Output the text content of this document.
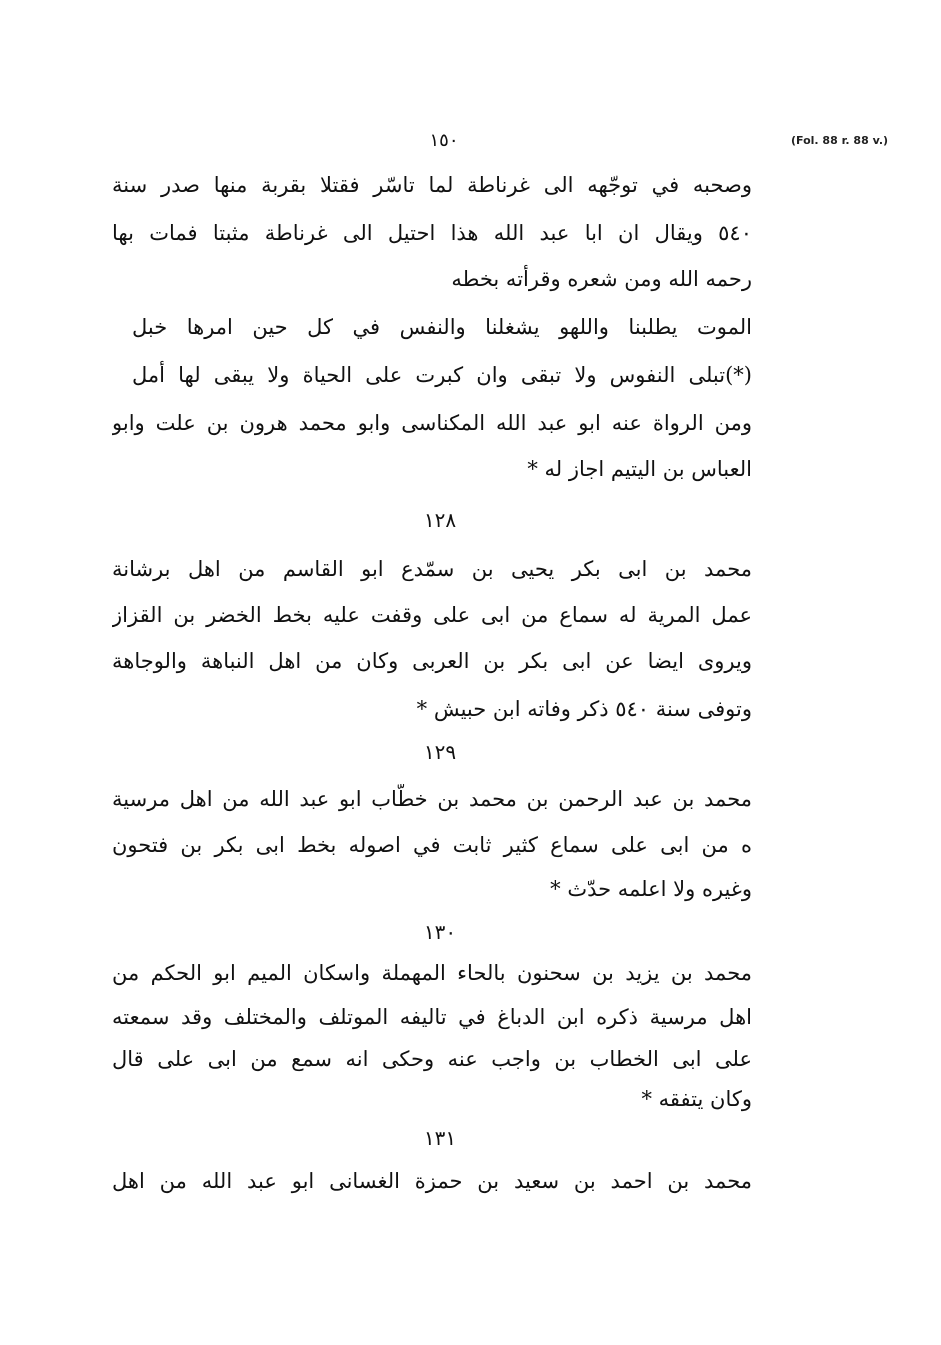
١٥٠	(Fol. 88 r. 88 v.)
وصحبه في توجّهه الى غرناطة لما تاسّر فقتلا بقربة منها صدر سنة
٥٤٠ ويقال ان ابا عبد الله هذا احتيل الى غرناطة مثبتا فمات بها
رحمه الله ومن شعره وقرأته بخطه
الموت يطلبنا واللهو يشغلنا والنفس في كل حين امرها خبل
(*)تبلى النفوس ولا تبقى وان كبرت على الحياة ولا يبقى لها أمل
ومن الرواة عنه ابو عبد الله المكناسى وابو محمد هرون بن علت وابو
العباس بن اليتيم اجاز له *
١٢٨
محمد بن ابى بكر يحيى بن سمّدع ابو القاسم من اهل برشانة
عمل المرية له سماع من ابى على وقفت عليه بخط الخضر بن القزاز
ويروى ايضا عن ابى بكر بن العربى وكان من اهل النباهة والوجاهة
وتوفى سنة ٥٤٠ ذكر وفاته ابن حبيش *
١٢٩
محمد بن عبد الرحمن بن محمد بن خطّاب ابو عبد الله من اهل مرسية
ه من ابى على سماع كثير ثابت في اصوله بخط ابى بكر بن فتحون
وغيره ولا اعلمه حدّث *
١٣٠
محمد بن يزيد بن سحنون بالحاء المهملة واسكان الميم ابو الحكم من
اهل مرسية ذكره ابن الدباغ في تاليفه الموتلف والمختلف وقد سمعته
على ابى الخطاب بن واجب عنه وحكى انه سمع من ابى على قال
وكان يتفقه *
١٣١
محمد بن احمد بن سعيد بن حمزة الغسانى ابو عبد الله من اهل
